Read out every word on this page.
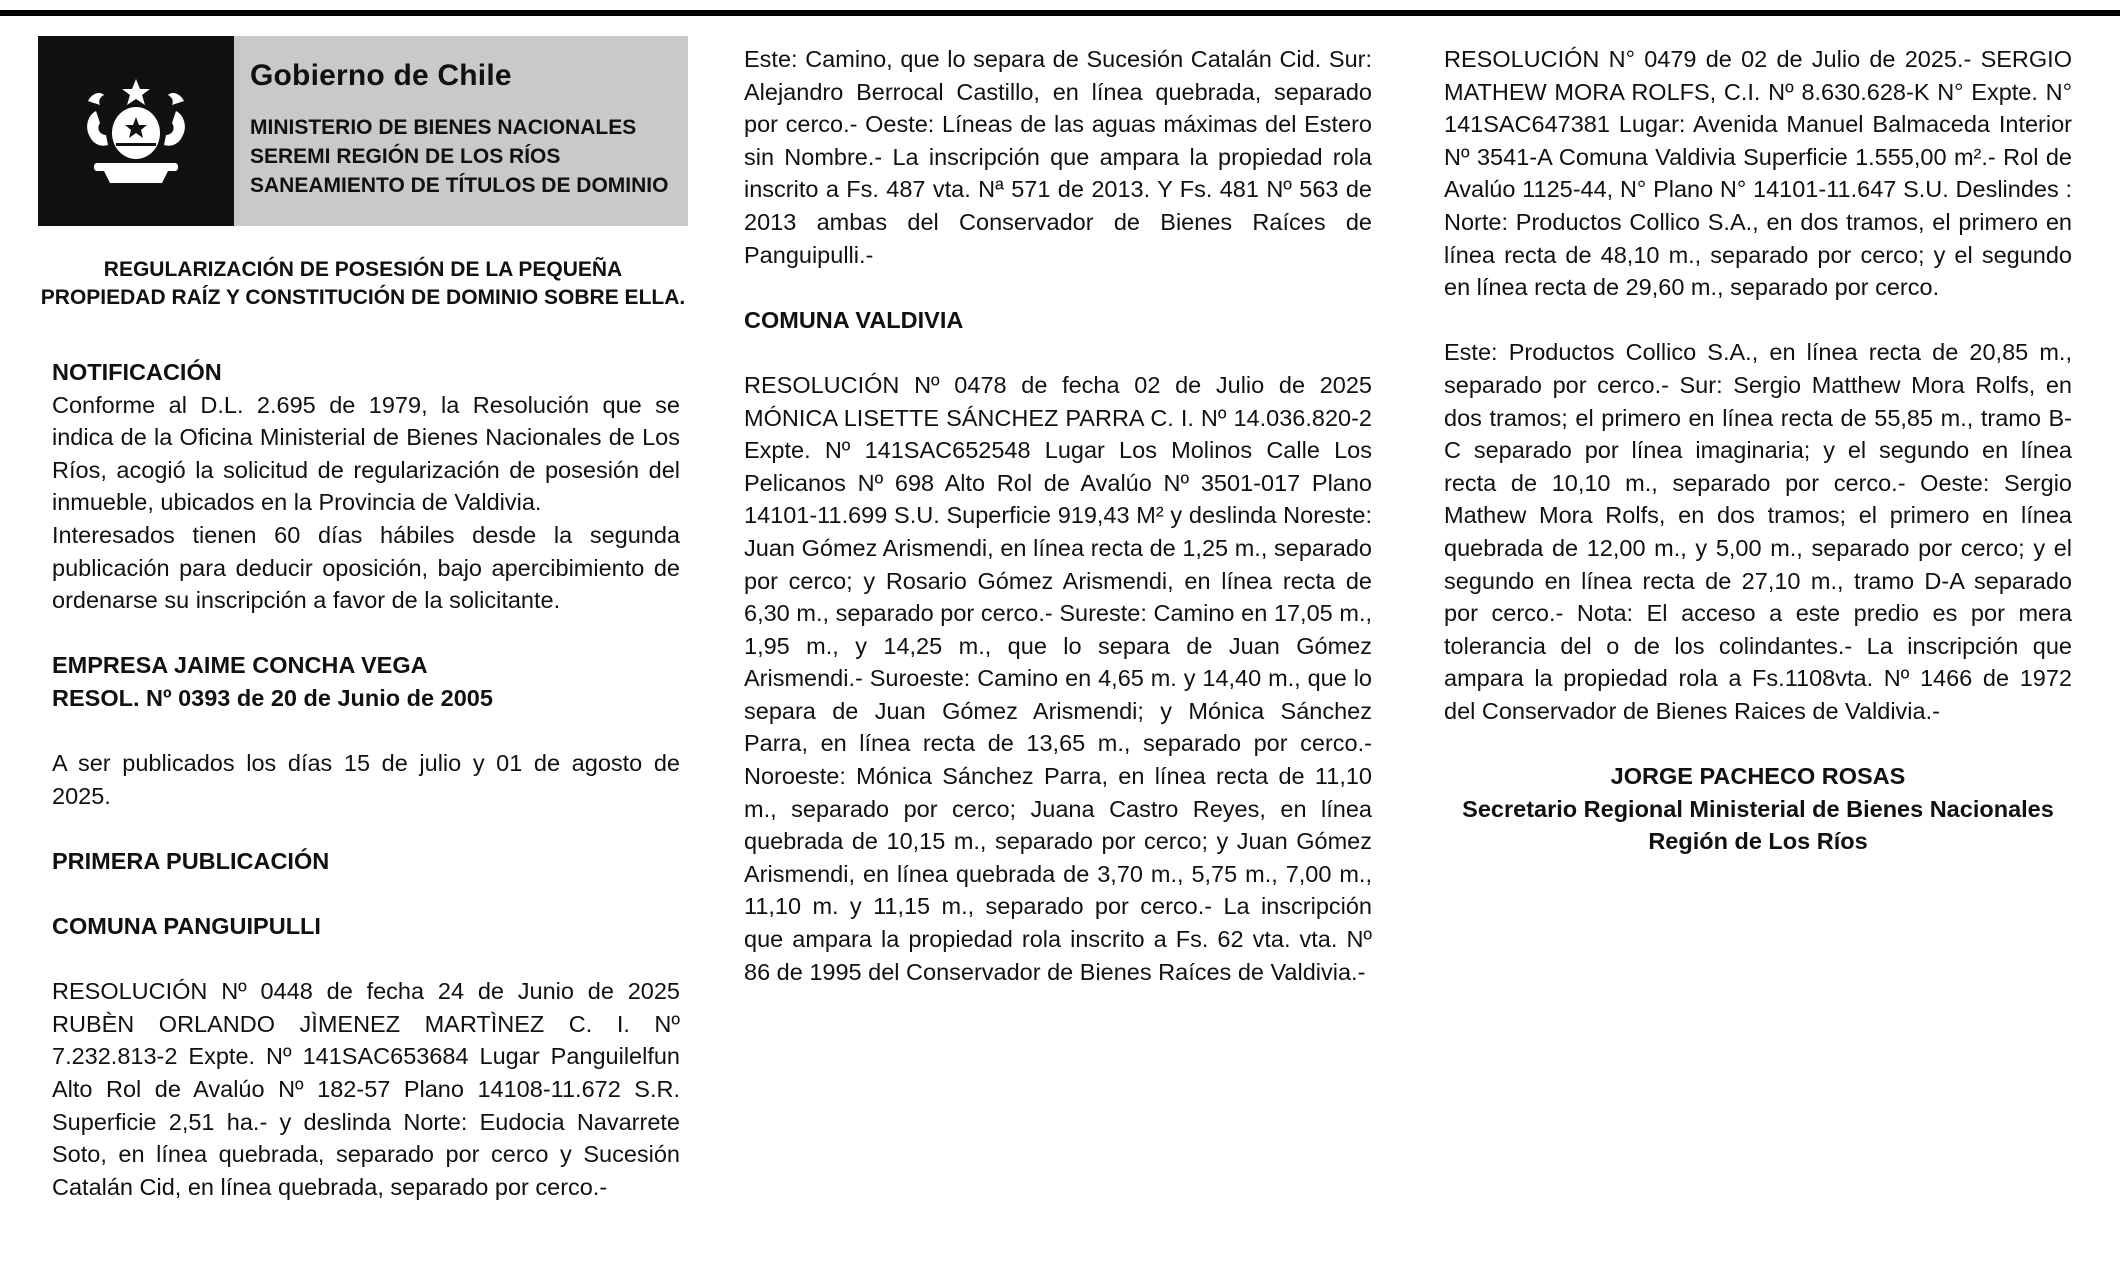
Gobierno de Chile
MINISTERIO DE BIENES NACIONALES
SEREMI REGIÓN DE LOS RÍOS
SANEAMIENTO DE TÍTULOS DE DOMINIO
REGULARIZACIÓN DE POSESIÓN DE LA PEQUEÑA
PROPIEDAD RAÍZ Y CONSTITUCIÓN DE DOMINIO SOBRE ELLA.

NOTIFICACIÓN

Conforme al D.L. 2.695 de 1979, la Resolución que se indica de la Oficina Ministerial de Bienes Nacionales de Los Ríos, acogió la solicitud de regularización de posesión del inmueble, ubicados en la Provincia de Valdivia.

Interesados tienen 60 días hábiles desde la segunda publicación para deducir oposición, bajo apercibimiento de ordenarse su inscripción a favor de la solicitante.

EMPRESA JAIME CONCHA VEGA

RESOL. Nº 0393 de 20 de Junio de 2005

A ser publicados los días 15 de julio y 01 de agosto de 2025.

PRIMERA PUBLICACIÓN

COMUNA PANGUIPULLI

RESOLUCIÓN Nº 0448 de fecha 24 de Junio de 2025 RUBÈN ORLANDO JÌMENEZ MARTÌNEZ C. I. Nº 7.232.813-2 Expte. Nº 141SAC653684 Lugar Panguilelfun Alto Rol de Avalúo Nº 182-57 Plano 14108-11.672 S.R. Superficie 2,51 ha.- y deslinda Norte: Eudocia Navarrete Soto, en línea quebrada, separado por cerco y Sucesión Catalán Cid, en línea quebrada, separado por cerco.-

Este: Camino, que lo separa de Sucesión Catalán Cid. Sur: Alejandro Berrocal Castillo, en línea quebrada, separado por cerco.- Oeste: Líneas de las aguas máximas del Estero sin Nombre.- La inscripción que ampara la propiedad rola inscrito a Fs. 487 vta. Nª 571 de 2013. Y Fs. 481 Nº 563 de 2013 ambas del Conservador de Bienes Raíces de Panguipulli.-

COMUNA VALDIVIA

RESOLUCIÓN Nº 0478 de fecha 02 de Julio de 2025 MÓNICA LISETTE SÁNCHEZ PARRA C. I. Nº 14.036.820-2 Expte. Nº 141SAC652548 Lugar Los Molinos Calle Los Pelicanos Nº 698 Alto Rol de Avalúo Nº 3501-017 Plano 14101-11.699 S.U. Superficie 919,43 M² y deslinda Noreste: Juan Gómez Arismendi, en línea recta de 1,25 m., separado por cerco; y Rosario Gómez Arismendi, en línea recta de 6,30 m., separado por cerco.- Sureste: Camino en 17,05 m., 1,95 m., y 14,25 m., que lo separa de Juan Gómez Arismendi.- Suroeste: Camino en 4,65 m. y 14,40 m., que lo separa de Juan Gómez Arismendi; y Mónica Sánchez Parra, en línea recta de 13,65 m., separado por cerco.- Noroeste: Mónica Sánchez Parra, en línea recta de 11,10 m., separado por cerco; Juana Castro Reyes, en línea quebrada de 10,15 m., separado por cerco; y Juan Gómez Arismendi, en línea quebrada de 3,70 m., 5,75 m., 7,00 m., 11,10 m. y 11,15 m., separado por cerco.- La inscripción que ampara la propiedad rola inscrito a Fs. 62 vta. vta. Nº 86 de 1995 del Conservador de Bienes Raíces de Valdivia.-

RESOLUCIÓN N° 0479 de 02 de Julio de 2025.- SERGIO MATHEW MORA ROLFS, C.I. Nº 8.630.628-K N° Expte. N° 141SAC647381 Lugar: Avenida Manuel Balmaceda Interior Nº 3541-A Comuna Valdivia Superficie 1.555,00 m².- Rol de Avalúo 1125-44, N° Plano N° 14101-11.647 S.U. Deslindes : Norte: Productos Collico S.A., en dos tramos, el primero en línea recta de 48,10 m., separado por cerco; y el segundo en línea recta de 29,60 m., separado por cerco.

Este: Productos Collico S.A., en línea recta de 20,85 m., separado por cerco.- Sur: Sergio Matthew Mora Rolfs, en dos tramos; el primero en línea recta de 55,85 m., tramo B-C separado por línea imaginaria; y el segundo en línea recta de 10,10 m., separado por cerco.- Oeste: Sergio Mathew Mora Rolfs, en dos tramos; el primero en línea quebrada de 12,00 m., y 5,00 m., separado por cerco; y el segundo en línea recta de 27,10 m., tramo D-A separado por cerco.- Nota: El acceso a este predio es por mera tolerancia del o de los colindantes.- La inscripción que ampara la propiedad rola a Fs.1108vta. Nº 1466 de 1972 del Conservador de Bienes Raices de Valdivia.-

JORGE PACHECO ROSAS
Secretario Regional Ministerial de Bienes Nacionales
Región de Los Ríos
